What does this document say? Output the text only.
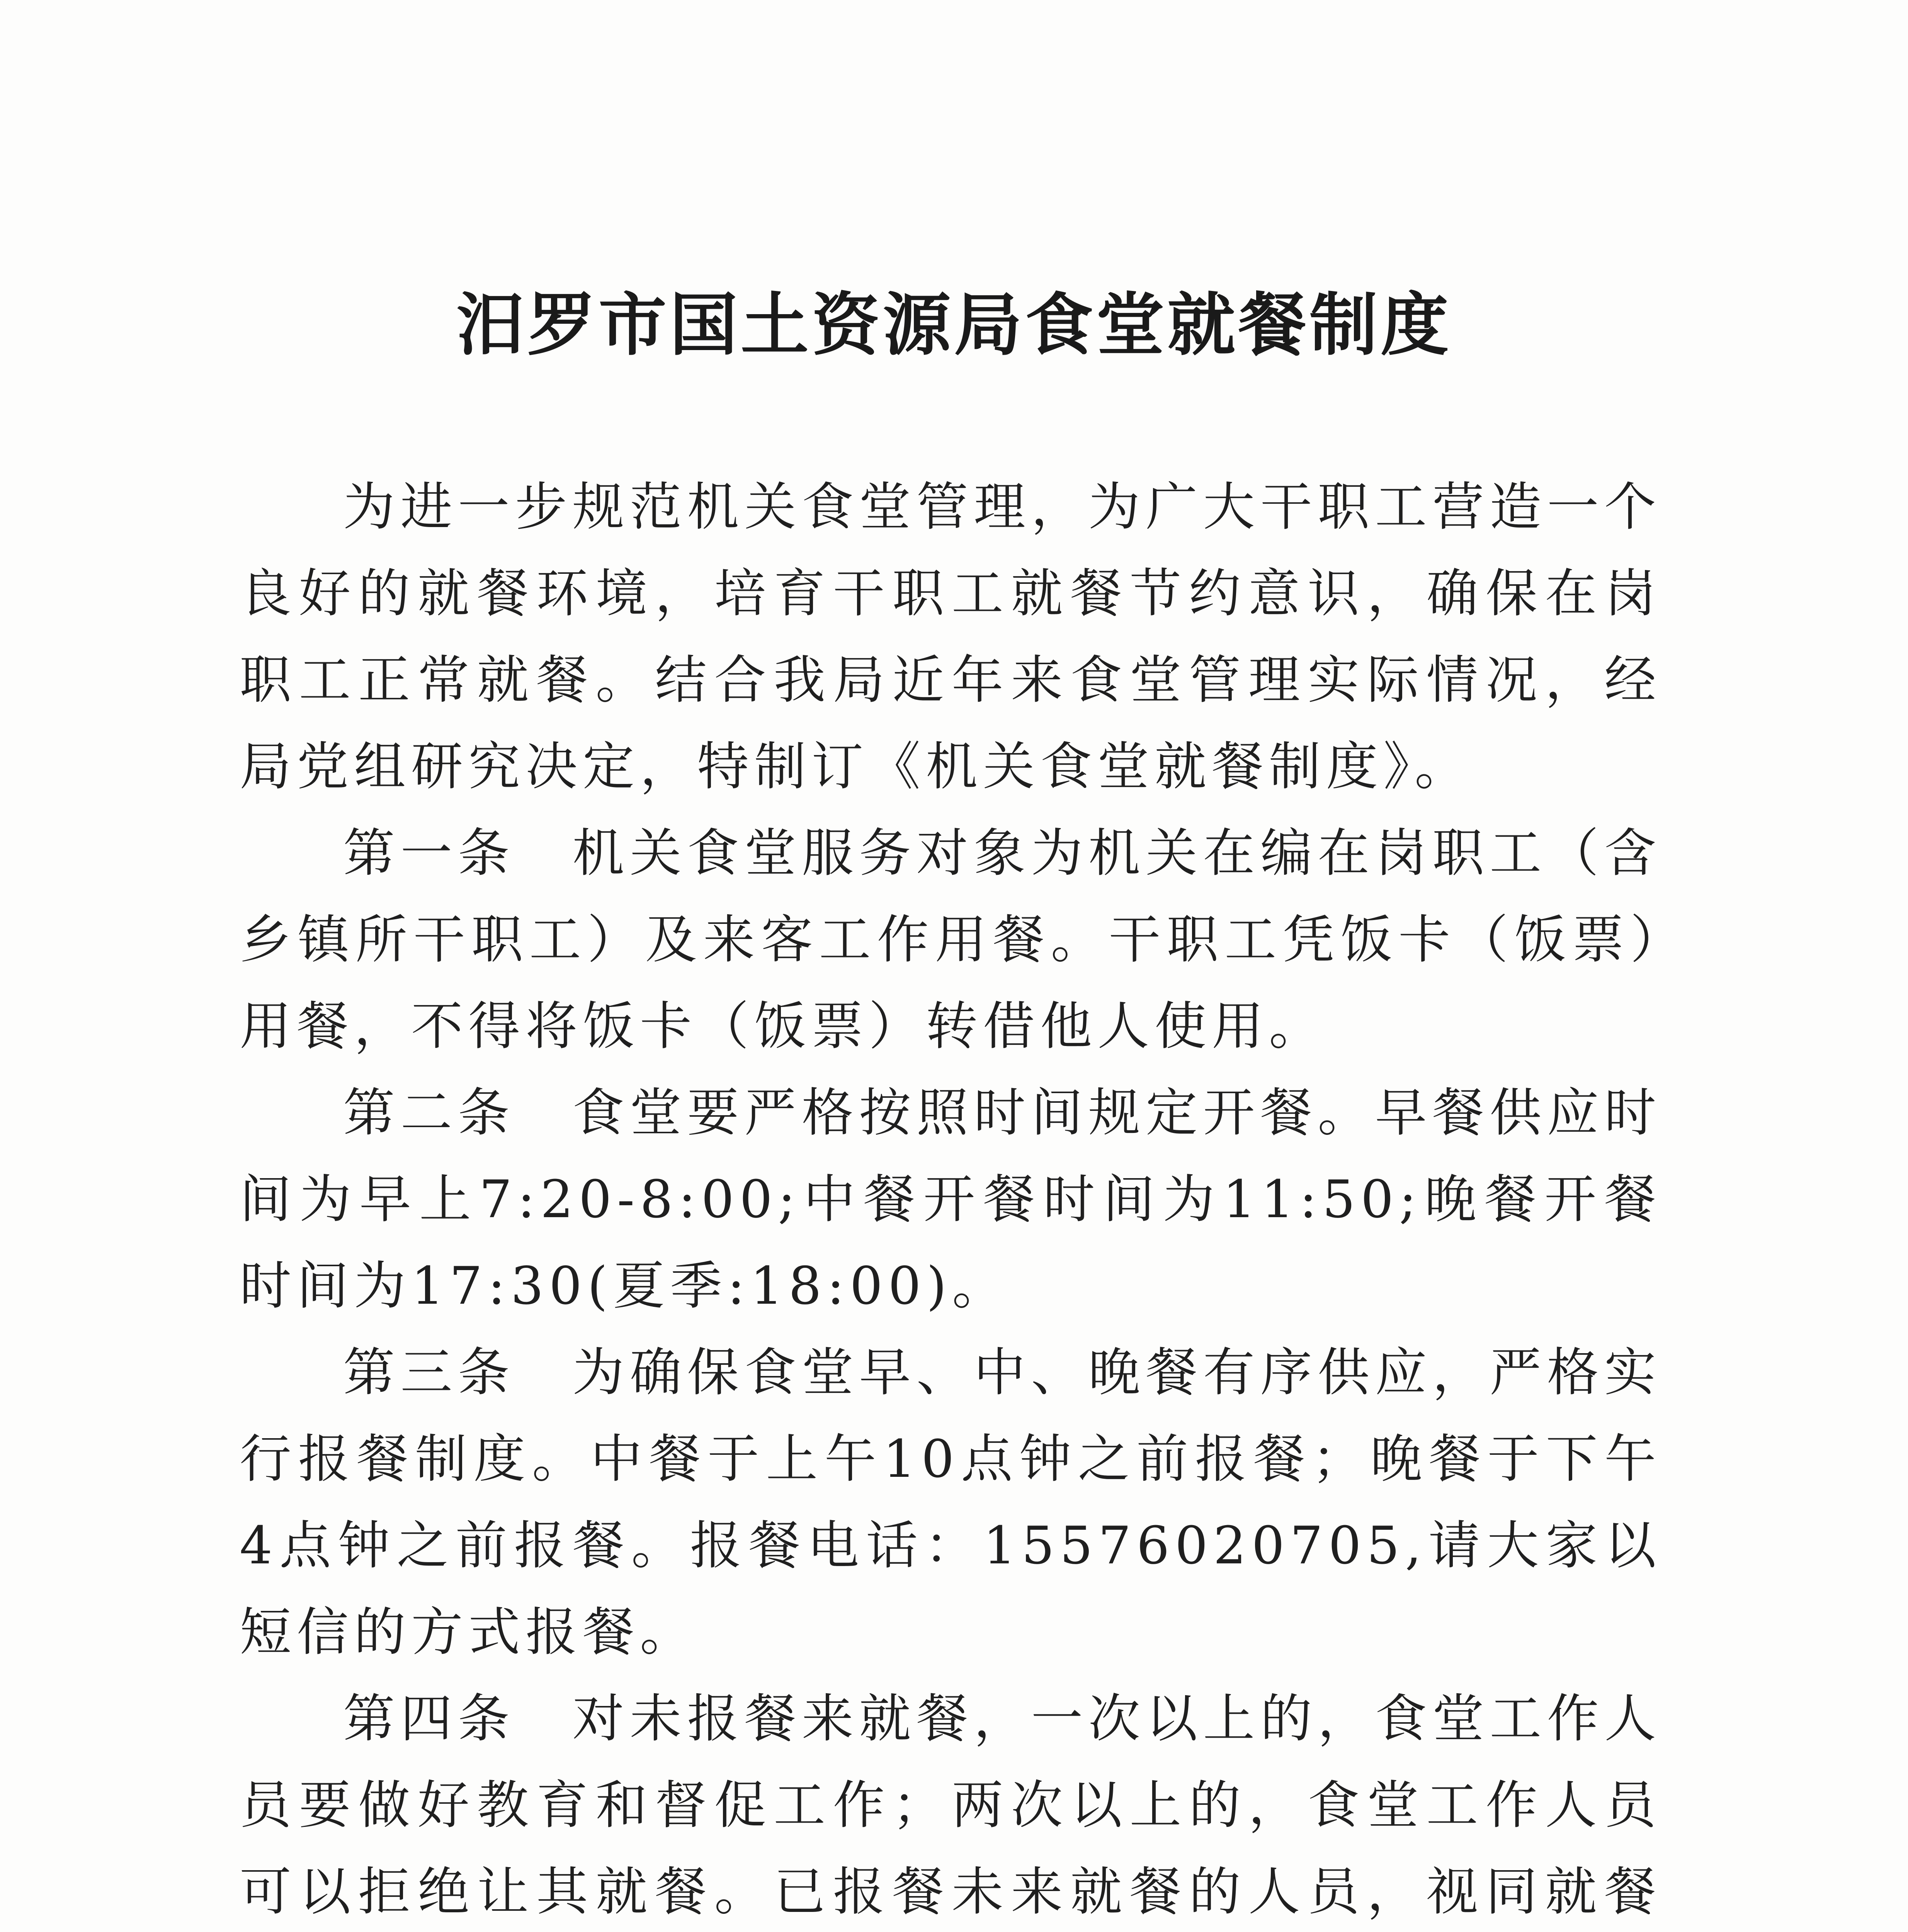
汨罗市国土资源局食堂就餐制度

为进一步规范机关食堂管理，为广大干职工营造一个良好的就餐环境，培育干职工就餐节约意识，确保在岗职工正常就餐。结合我局近年来食堂管理实际情况，经局党组研究决定，特制订《机关食堂就餐制度》。

第一条　机关食堂服务对象为机关在编在岗职工（含乡镇所干职工）及来客工作用餐。干职工凭饭卡（饭票）用餐，不得将饭卡（饭票）转借他人使用。

第二条　食堂要严格按照时间规定开餐。早餐供应时间为早上7:20-8:00;中餐开餐时间为11:50;晚餐开餐时间为17:30(夏季:18:00)。

第三条　为确保食堂早、中、晚餐有序供应，严格实行报餐制度。中餐于上午10点钟之前报餐；晚餐于下午4点钟之前报餐。报餐电话：15576020705,请大家以短信的方式报餐。

第四条　对未报餐来就餐，一次以上的，食堂工作人员要做好教育和督促工作；两次以上的，食堂工作人员可以拒绝让其就餐。已报餐未来就餐的人员，视同就餐
